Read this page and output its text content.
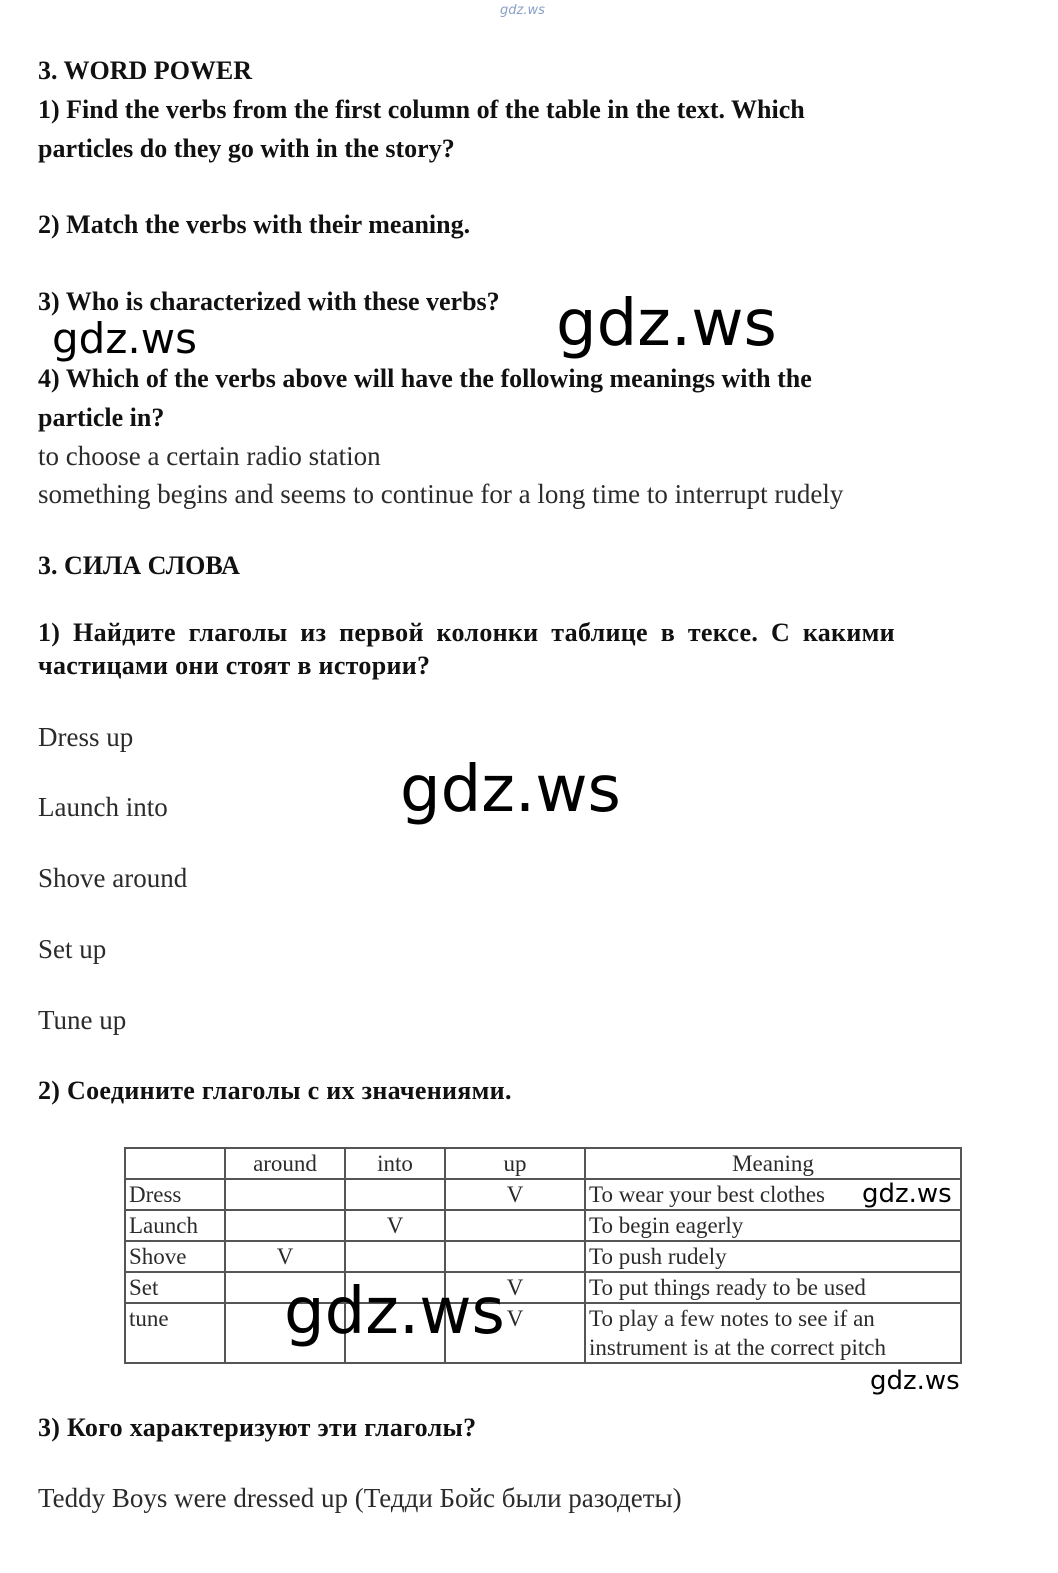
gdz.ws
3. WORD POWER
1) Find the verbs from the first column of the table in the text. Which
particles do they go with in the story?
2) Match the verbs with their meaning.
3) Who is characterized with these verbs?
gdz.ws	gdz.ws
4) Which of the verbs above will have the following meanings with the
particle in?
to choose a certain radio station
something begins and seems to continue for a long time to interrupt rudely
3. СИЛА СЛОВА
1) Найдите глаголы из первой колонки таблице в тексе. С какими
частицами они стоят в истории?
Dress up
Launch into
Shove around
Set up
Tune up
gdz.ws
2) Соедините глаголы с их значениями.
	around	into	up	Meaning
Dress			V	To wear your best clothes
Launch		V		To begin eagerly
Shove	V			To push rudely
Set			V	To put things ready to be used
tune			V	To play a few notes to see if an instrument is at the correct pitch
gdz.ws
gdz.ws
gdz.ws
3) Кого характеризуют эти глаголы?
Teddy Boys were dressed up (Тедди Бойс были разодеты)
